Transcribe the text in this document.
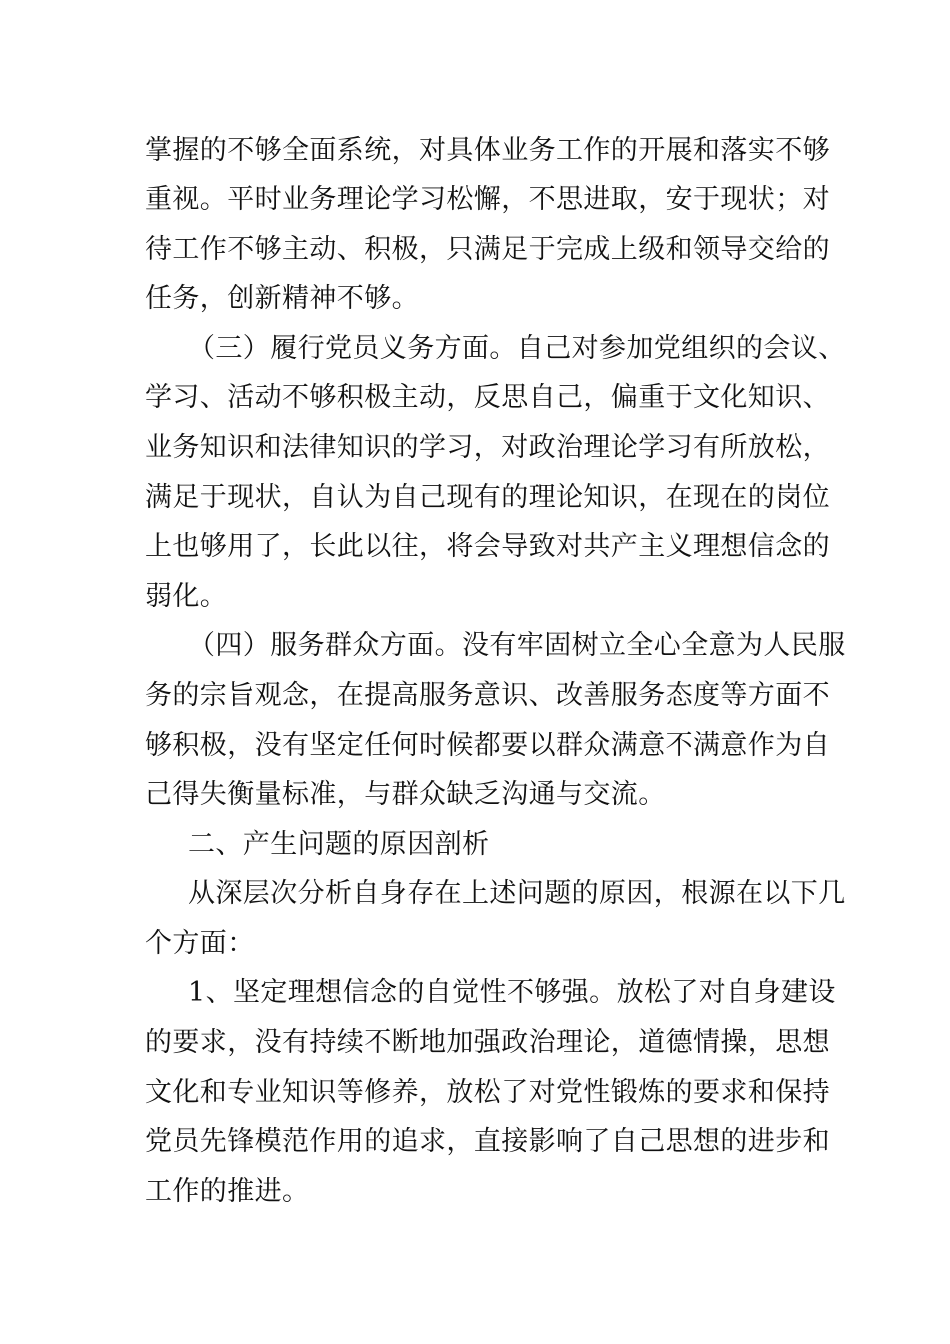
掌握的不够全面系统，对具体业务工作的开展和落实不够
重视。平时业务理论学习松懈，不思进取，安于现状；对
待工作不够主动、积极，只满足于完成上级和领导交给的
任务，创新精神不够。
（三）履行党员义务方面。自己对参加党组织的会议、
学习、活动不够积极主动，反思自己，偏重于文化知识、
业务知识和法律知识的学习，对政治理论学习有所放松，
满足于现状，自认为自己现有的理论知识，在现在的岗位
上也够用了，长此以往，将会导致对共产主义理想信念的
弱化。
（四）服务群众方面。没有牢固树立全心全意为人民服
务的宗旨观念，在提高服务意识、改善服务态度等方面不
够积极，没有坚定任何时候都要以群众满意不满意作为自
己得失衡量标准，与群众缺乏沟通与交流。
二、产生问题的原因剖析
从深层次分析自身存在上述问题的原因，根源在以下几
个方面：
1、坚定理想信念的自觉性不够强。放松了对自身建设
的要求，没有持续不断地加强政治理论，道德情操，思想
文化和专业知识等修养，放松了对党性锻炼的要求和保持
党员先锋模范作用的追求，直接影响了自己思想的进步和
工作的推进。
